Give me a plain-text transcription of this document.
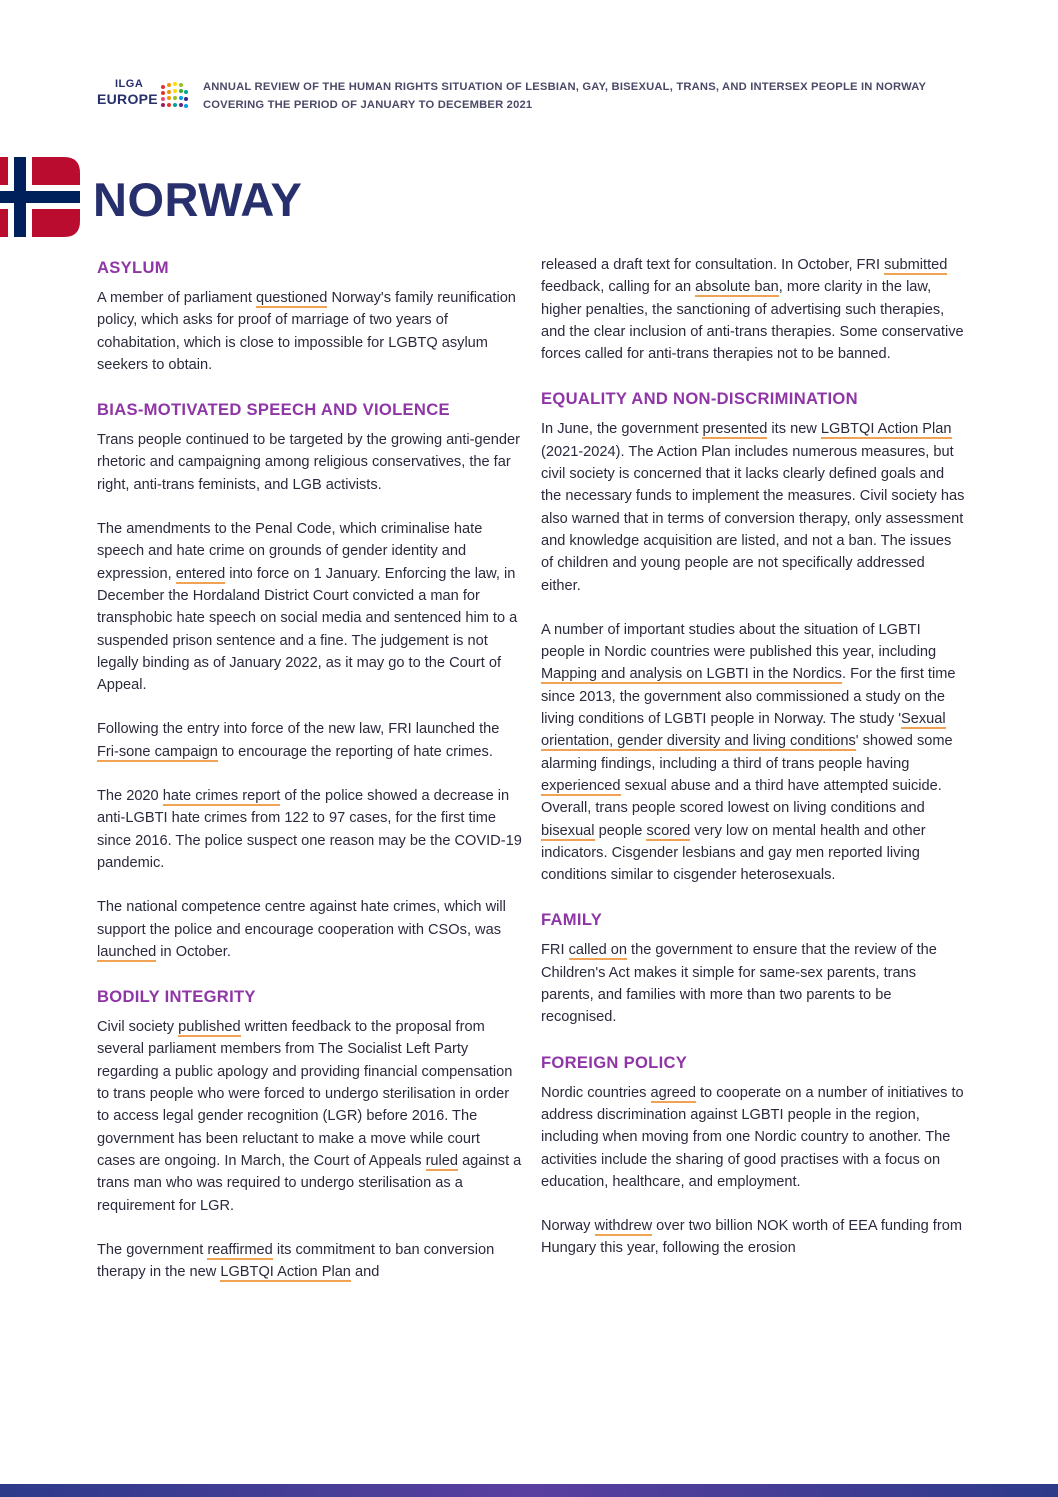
ILGA
EUROPE
ANNUAL REVIEW OF THE HUMAN RIGHTS SITUATION OF LESBIAN, GAY, BISEXUAL, TRANS, AND INTERSEX PEOPLE IN NORWAY
COVERING THE PERIOD OF JANUARY TO DECEMBER 2021
NORWAY
ASYLUM

A member of parliament questioned Norway's family reunification policy, which asks for proof of marriage of two years of cohabitation, which is close to impossible for LGBTQ asylum seekers to obtain.

BIAS-MOTIVATED SPEECH AND VIOLENCE

Trans people continued to be targeted by the growing anti-gender rhetoric and campaigning among religious conservatives, the far right, anti-trans feminists, and LGB activists.

The amendments to the Penal Code, which criminalise hate speech and hate crime on grounds of gender identity and expression, entered into force on 1 January. Enforcing the law, in December the Hordaland District Court convicted a man for transphobic hate speech on social media and sentenced him to a suspended prison sentence and a fine. The judgement is not legally binding as of January 2022, as it may go to the Court of Appeal.

Following the entry into force of the new law, FRI launched the Fri-sone campaign to encourage the reporting of hate crimes.

The 2020 hate crimes report of the police showed a decrease in anti-LGBTI hate crimes from 122 to 97 cases, for the first time since 2016. The police suspect one reason may be the COVID-19 pandemic.

The national competence centre against hate crimes, which will support the police and encourage cooperation with CSOs, was launched in October.

BODILY INTEGRITY

Civil society published written feedback to the proposal from several parliament members from The Socialist Left Party regarding a public apology and providing financial compensation to trans people who were forced to undergo sterilisation in order to access legal gender recognition (LGR) before 2016. The government has been reluctant to make a move while court cases are ongoing. In March, the Court of Appeals ruled against a trans man who was required to undergo sterilisation as a requirement for LGR.

The government reaffirmed its commitment to ban conversion therapy in the new LGBTQI Action Plan and

released a draft text for consultation. In October, FRI submitted feedback, calling for an absolute ban, more clarity in the law, higher penalties, the sanctioning of advertising such therapies, and the clear inclusion of anti-trans therapies. Some conservative forces called for anti-trans therapies not to be banned.

EQUALITY AND NON-DISCRIMINATION

In June, the government presented its new LGBTQI Action Plan (2021-2024). The Action Plan includes numerous measures, but civil society is concerned that it lacks clearly defined goals and the necessary funds to implement the measures. Civil society has also warned that in terms of conversion therapy, only assessment and knowledge acquisition are listed, and not a ban. The issues of children and young people are not specifically addressed either.

A number of important studies about the situation of LGBTI people in Nordic countries were published this year, including Mapping and analysis on LGBTI in the Nordics. For the first time since 2013, the government also commissioned a study on the living conditions of LGBTI people in Norway. The study 'Sexual orientation, gender diversity and living conditions' showed some alarming findings, including a third of trans people having experienced sexual abuse and a third have attempted suicide. Overall, trans people scored lowest on living conditions and bisexual people scored very low on mental health and other indicators. Cisgender lesbians and gay men reported living conditions similar to cisgender heterosexuals.

FAMILY

FRI called on the government to ensure that the review of the Children's Act makes it simple for same-sex parents, trans parents, and families with more than two parents to be recognised.

FOREIGN POLICY

Nordic countries agreed to cooperate on a number of initiatives to address discrimination against LGBTI people in the region, including when moving from one Nordic country to another. The activities include the sharing of good practises with a focus on education, healthcare, and employment.

Norway withdrew over two billion NOK worth of EEA funding from Hungary this year, following the erosion
